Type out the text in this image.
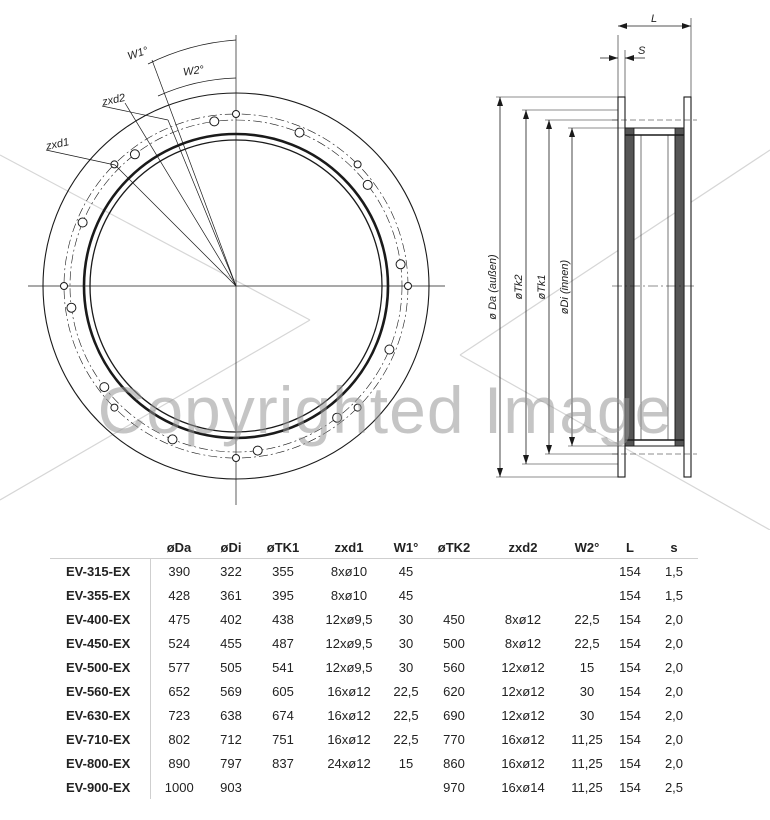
W1°
W2°
zxd2
zxd1
ø Da (außen) øTk2 øTk1 øDi (innen)
L
S
Copyrighted Image
	øDa	øDi	øTK1	zxd1	W1°	øTK2	zxd2	W2°	L	s
EV-315-EX	390	322	355	8xø10	45				154	1,5
EV-355-EX	428	361	395	8xø10	45				154	1,5
EV-400-EX	475	402	438	12xø9,5	30	450	8xø12	22,5	154	2,0
EV-450-EX	524	455	487	12xø9,5	30	500	8xø12	22,5	154	2,0
EV-500-EX	577	505	541	12xø9,5	30	560	12xø12	15	154	2,0
EV-560-EX	652	569	605	16xø12	22,5	620	12xø12	30	154	2,0
EV-630-EX	723	638	674	16xø12	22,5	690	12xø12	30	154	2,0
EV-710-EX	802	712	751	16xø12	22,5	770	16xø12	11,25	154	2,0
EV-800-EX	890	797	837	24xø12	15	860	16xø12	11,25	154	2,0
EV-900-EX	1000	903				970	16xø14	11,25	154	2,5
